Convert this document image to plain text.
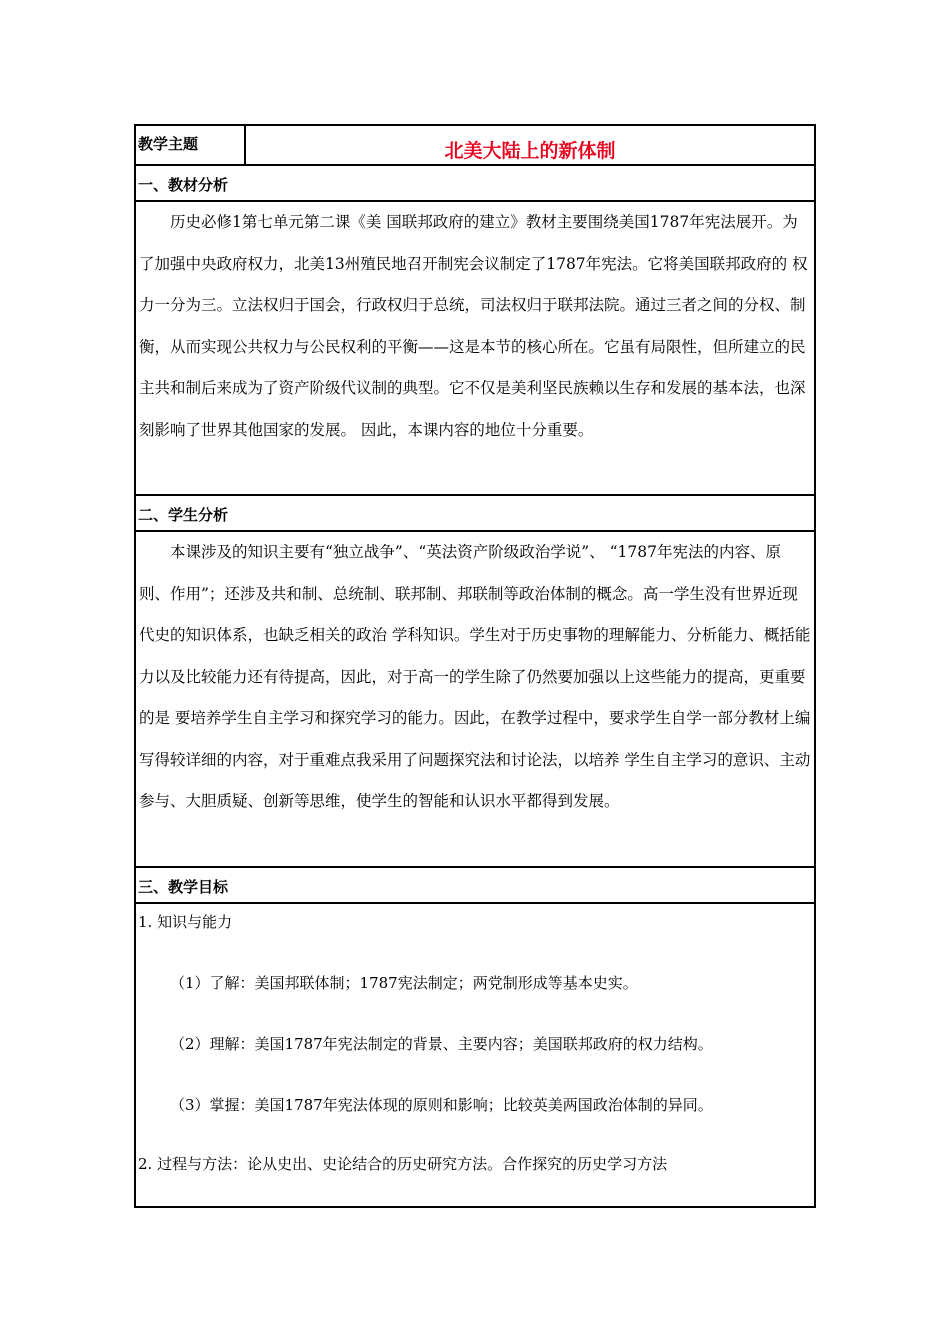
教学主题	北美大陆上的新体制
一、教材分析

历史必修1第七单元第二课《美 国联邦政府的建立》教材主要围绕美国1787年宪法展开。为了加强中央政府权力，北美13州殖民地召开制宪会议制定了1787年宪法。它将美国联邦政府的 权力一分为三。立法权归于国会，行政权归于总统，司法权归于联邦法院。通过三者之间的分权、制衡，从而实现公共权力与公民权利的平衡——这是本节的核心所在。它虽有局限性，但所建立的民主共和制后来成为了资产阶级代议制的典型。它不仅是美利坚民族赖以生存和发展的基本法，也深刻影响了世界其他国家的发展。 因此，本课内容的地位十分重要。

二、学生分析

本课涉及的知识主要有“独立战争”、“英法资产阶级政治学说”、 “1787年宪法的内容、原则、作用”；还涉及共和制、总统制、联邦制、邦联制等政治体制的概念。高一学生没有世界近现代史的知识体系，也缺乏相关的政治 学科知识。学生对于历史事物的理解能力、分析能力、概括能力以及比较能力还有待提高，因此，对于高一的学生除了仍然要加强以上这些能力的提高，更重要的是 要培养学生自主学习和探究学习的能力。因此，在教学过程中，要求学生自学一部分教材上编写得较详细的内容，对于重难点我采用了问题探究法和讨论法，以培养 学生自主学习的意识、主动参与、大胆质疑、创新等思维，使学生的智能和认识水平都得到发展。

三、教学目标

1. 知识与能力

（1）了解：美国邦联体制；1787宪法制定；两党制形成等基本史实。

（2）理解：美国1787年宪法制定的背景、主要内容；美国联邦政府的权力结构。

（3）掌握：美国1787年宪法体现的原则和影响；比较英美两国政治体制的异同。

2. 过程与方法：论从史出、史论结合的历史研究方法。合作探究的历史学习方法
